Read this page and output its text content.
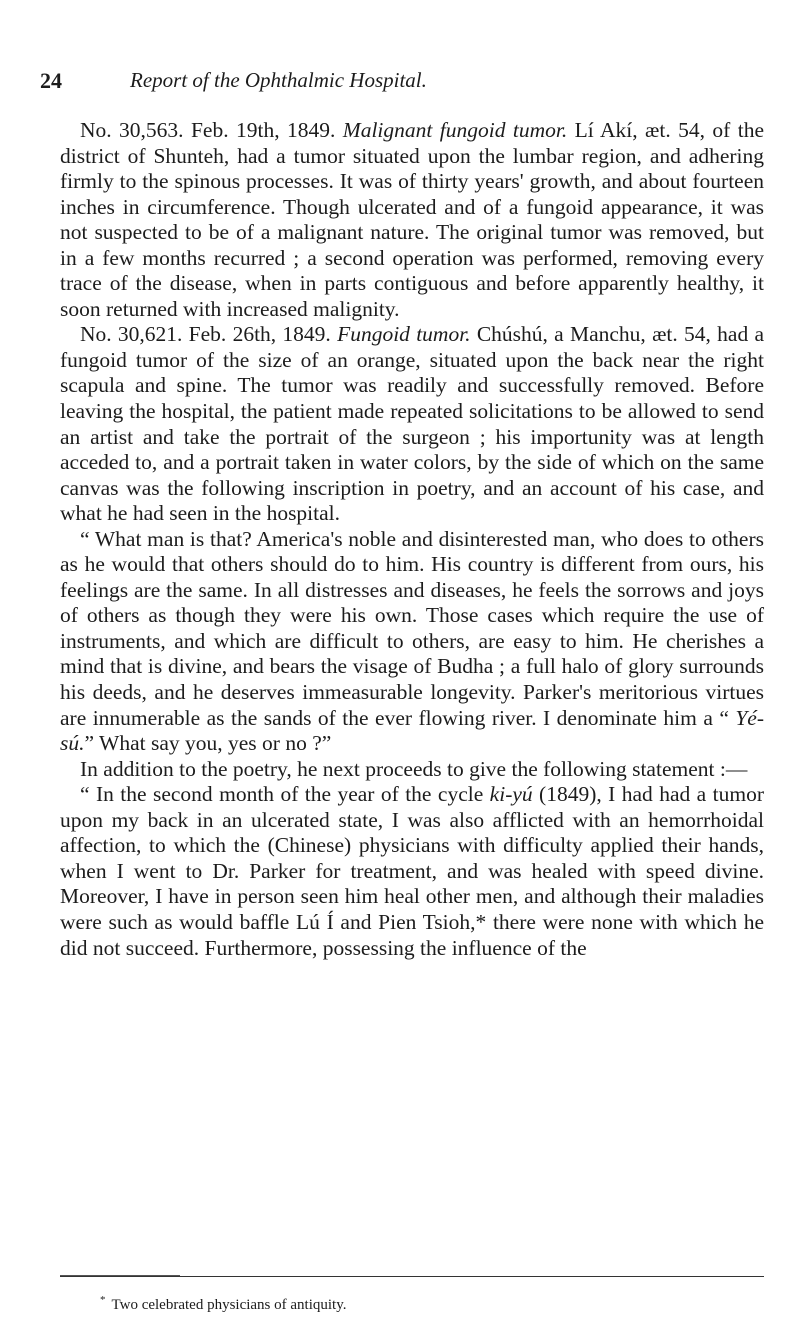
24	Report of the Ophthalmic Hospital.

No. 30,563. Feb. 19th, 1849. Malignant fungoid tumor. Lí Akí, æt. 54, of the district of Shunteh, had a tumor situated upon the lumbar region, and adhering firmly to the spinous processes. It was of thirty years' growth, and about fourteen inches in circumference. Though ulcerated and of a fungoid appearance, it was not suspected to be of a malignant nature. The original tumor was removed, but in a few months recurred ; a second operation was performed, removing every trace of the disease, when in parts contiguous and before apparently healthy, it soon returned with increased malignity.

No. 30,621. Feb. 26th, 1849. Fungoid tumor. Chúshú, a Manchu, æt. 54, had a fungoid tumor of the size of an orange, situated upon the back near the right scapula and spine. The tumor was readily and successfully removed. Before leaving the hospital, the patient made repeated solicitations to be allowed to send an artist and take the portrait of the surgeon ; his importunity was at length acceded to, and a portrait taken in water colors, by the side of which on the same canvas was the following inscription in poetry, and an account of his case, and what he had seen in the hospital.

“ What man is that? America's noble and disinterested man, who does to others as he would that others should do to him. His country is different from ours, his feelings are the same. In all distresses and diseases, he feels the sorrows and joys of others as though they were his own. Those cases which require the use of instruments, and which are difficult to others, are easy to him. He cherishes a mind that is divine, and bears the visage of Budha ; a full halo of glory surrounds his deeds, and he deserves immeasurable longevity. Parker's meritorious virtues are innumerable as the sands of the ever flowing river. I denominate him a “ Yé-sú.” What say you, yes or no ?”

In addition to the poetry, he next proceeds to give the following statement :—

“ In the second month of the year of the cycle ki-yú (1849), I had had a tumor upon my back in an ulcerated state, I was also afflicted with an hemorrhoidal affection, to which the (Chinese) physicians with difficulty applied their hands, when I went to Dr. Parker for treatment, and was healed with speed divine. Moreover, I have in person seen him heal other men, and although their maladies were such as would baffle Lú Í and Pien Tsioh,* there were none with which he did not succeed. Furthermore, possessing the influence of the

* Two celebrated physicians of antiquity.
